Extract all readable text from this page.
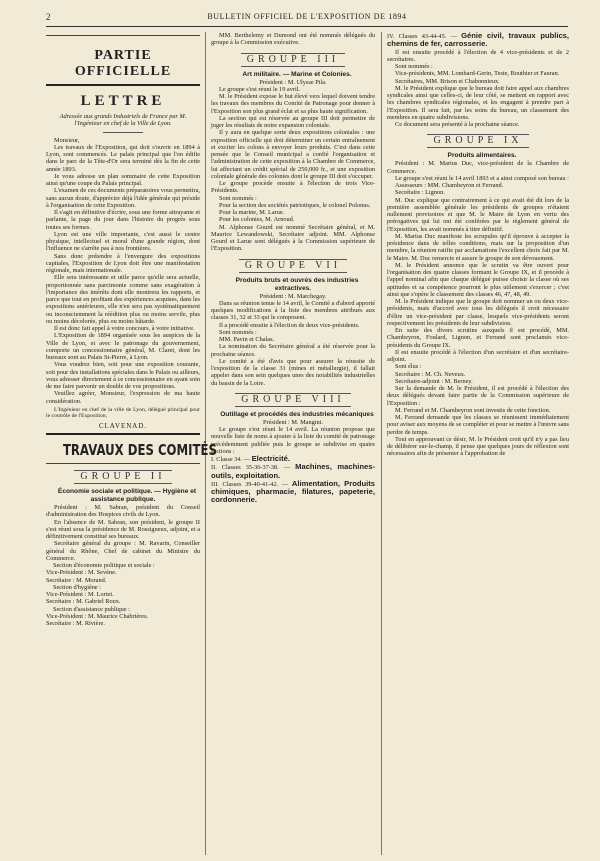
2	BULLETIN OFFICIEL DE L'EXPOSITION DE 1894
PARTIE OFFICIELLE
LETTRE

Adressée aux grands Industriels de France par M. l'Ingénieur en chef de la Ville de Lyon.

Monsieur,

Les travaux de l'Exposition, qui doit s'ouvrir en 1894 à Lyon, sont commencés. Le palais principal que l'on édifie dans le parc de la Tête-d'Or sera terminé dès la fin de cette année 1893.

Je vous adresse un plan sommaire de cette Exposition ainsi qu'une coupe du Palais principal.

L'examen de ces documents préparatoires vous permettra, sans aucun doute, d'apprécier déjà l'idée générale qui préside à l'organisation de cette Exposition.

Il s'agit en définitive d'écrire, sous une forme attrayante et parlante, la page du jour dans l'histoire du progrès sous toutes ses formes.

Lyon est une ville importante, c'est aussi le centre physique, intellectuel et moral d'une grande région, dont l'influence ne s'arrête pas à nos frontières.

Sans donc prétendre à l'envergure des expositions capitales, l'Exposition de Lyon doit être une manifestation régionale, mais internationale.

Elle sera intéressante et utile parce qu'elle sera actuelle, proportionnée sans parcimonie comme sans exagération à l'importance des intérêts dont elle montrera les rapports, et parce que tout en profitant des expériences acquises, dans les expositions antérieures, elle n'en sera pas systématiquement ou inconsciemment la réédition plus ou moins servile, plus ou moins décolorée, plus ou moins bâtarde.

Il est donc fait appel à votre concours, à votre initiative.

L'Exposition de 1894 organisée sous les auspices de la Ville de Lyon, et avec le patronage du gouvernement, comporte un concessionnaire général, M. Claret, dont les bureaux sont au Palais St-Pierre, à Lyon.

Vous voudrez bien, soit pour une exposition courante, soit pour des installations spéciales dans le Palais ou ailleurs, vous adresser directement à ce concessionnaire en ayant soin de me faire parvenir un double de vos propositions.

Veuillez agréer, Monsieur, l'expression de ma haute considération.

L'Ingénieur en chef de la ville de Lyon, délégué principal pour le contrôle de l'Exposition,

CLAVENAD.
TRAVAUX DES COMITÉS
GROUPE II

Économie sociale et politique. — Hygiène et assistance publique.

Président : M. Sabran, président du Conseil d'administration des Hospices civils de Lyon.

En l'absence de M. Sabran, son président, le groupe II s'est réuni sous la présidence de M. Rossigneux, adjoint, et a définitivement constitué ses bureaux.

Secrétaire général du groupe : M. Ravarin, Conseiller général du Rhône, Chef de cabinet du Ministre du Commerce.

Section d'économie politique et sociale :

Vice-Président : M. Sevène.

Secrétaire : M. Morand.

Section d'hygiène :

Vice-Président : M. Lortet.

Secrétaire : M. Gabriel Roux.

Section d'assistance publique :

Vice-Président : M. Maurice Chabrières.

Secrétaire : M. Rivière.

MM. Berthelemy et Dumond ont été nommés délégués du groupe à la Commission exécutive.

GROUPE III

Art militaire. — Marine et Colonies.

Président : M. Ulysse Pila.

Le groupe s'est réuni le 19 avril.

M. le Président expose le but élevé vers lequel doivent tendre les travaux des membres du Comité de Patronage pour donner à l'Exposition son plus grand éclat et sa plus haute signification.

La section qui est réservée au groupe III doit permettre de juger les résultats de notre expansion coloniale.

Il y aura en quelque sorte deux expositions coloniales : une exposition officielle qui doit déterminer un certain entraînement et exciter les colons à envoyer leurs produits. C'est dans cette pensée que le Conseil municipal a confié l'organisation et l'administration de cette exposition à la Chambre de Commerce, lui affectant un crédit spécial de 250,000 fr., et une exposition coloniale générale des colonies dont le groupe III doit s'occuper.

Le groupe procède ensuite à l'élection de trois Vice-Présidents.

Sont nommés :

Pour la section des sociétés patriotiques, le colonel Polonus.

Pour la marine, M. Larue.

Pour les colonies, M. Arnoud.

M. Alphonse Gourd est nommé Secrétaire général, et M. Maurice Lewandowski, Secrétaire adjoint. MM. Alphonse Gourd et Larue sont délégués à la Commission supérieure de l'Exposition.

GROUPE VII

Produits bruts et ouvrés des industries extractives.

Président : M. Marchegay.

Dans sa réunion tenue le 14 avril, le Comité a d'abord apporté quelques modifications à la liste des membres attribués aux classes 31, 32 et 33 qui le composent.

Il a procédé ensuite à l'élection de deux vice-présidents.

Sont nommés :

MM. Pavin et Chalas.

La nomination du Secrétaire général a été réservée pour la prochaine séance.

Le comité a été d'avis que pour assurer la réussite de l'exposition de la classe 31 (mines et métallurgie), il fallait appeler dans son sein quelques unes des notabilités industrielles du bassin de la Loire.

GROUPE VIII

Outillage et procédés des industries mécaniques

Président : M. Mangini.

Le groupe s'est réuni le 14 avril. La réunion propose que nouvelle liste de noms à ajouter à la liste du comité de patronage précédemment publiée puis le groupe se subdivise en quatre sections :

I. Classe 34. — Electricité.

II. Classes 35-36-37-38. — Machines, machines-outils, exploitation.

III. Classes 39-40-41-42. — Alimentation, Produits chimiques, pharmacie, filatures, papeterie, cordonnerie.

IV. Classes 43-44-45. — Génie civil, travaux publics, chemins de fer, carrosserie.

Il est ensuite procédé à l'élection de 4 vice-présidents et de 2 secrétaires.

Sont nommés :

Vice-présidents, MM. Lombard-Gerin, Teste, Bouthier et Fauran.

Secrétaires, MM. Brison et Chabonnieux.

M. le Président explique que le bureau doit faire appel aux chambres syndicales ainsi que celles-ci, de leur côté, se mettent en rapport avec les chambres syndicales régionales, et les engagent à prendre part à l'Exposition. Il sera fait, par les soins du bureau, un classement des membres en quatre subdivisions.

Ce document sera présenté à la prochaine séance.

GROUPE IX

Produits alimentaires.

Président : M. Marius Duc, vice-président de la Chambre de Commerce.

Le groupe s'est réuni le 14 avril 1893 et a ainsi composé son bureau :

Assesseurs : MM. Chambeyron et Ferrand.

Secrétaire : Lignon.

M. Duc explique que contrairement à ce qui avait été dit lors de la première assemblée générale les présidents de groupes n'étaient nullement provisoires et que M. le Maire de Lyon en vertu des prérogatives qui lui ont été conférées par le règlement général de l'Exposition, les avait nommés à titre définitif.

M. Marius Duc manifeste les scrupules qu'il éprouve à accepter la présidence dans de telles conditions, mais sur la proposition d'un membre, la réunion ratifie par acclamations l'excellent choix fait par M. le Maire. M. Duc remercie et assure le groupe de son dévouement.

M. le Président annonce que le scrutin va être ouvert pour l'organisation des quatre classes formant le Groupe IX, et il procède à l'appel nominal afin que chaque délégué puisse choisir la classe où ses aptitudes et sa compétence pourront le plus utilement s'exercer ; c'est ainsi que s'opère le classement des classes 46, 47, 48, 49.

M. le Président indique que le groupe doit nommer un ou deux vice-présidents, mais d'accord avec tous les délégués il croit nécessaire d'élire un vice-président par classe, lesquels vice-présidents seront respectivement les présidents de leur subdivision.

En suite des divers scrutins auxquels il est procédé, MM. Chambeyron, Foulard, Lignon, et Ferrand sont proclamés vice-présidents du Groupe IX.

Il est ensuite procédé à l'élection d'un secrétaire et d'un secrétaire-adjoint.

Sont élus :

Secrétaire : M. Ch. Neveux.

Secrétaire-adjoint : M. Berney.

Sur la demande de M. le Président, il est procédé à l'élection des deux délégués devant faire partie de la Commission supérieure de l'Exposition :

M. Ferrand et M. Chambeyron sont investis de cette fonction.

M. Ferrand demande que les classes se réunissent immédiatement pour aviser aux moyens de se compléter et pour se mettre à l'œuvre sans perdre de temps.

Tout en approuvant ce désir, M. le Président croit qu'il n'y a pas lieu de délibérer sur-le-champ, il pense que quelques jours de réflexion sont nécessaires afin de présenter à l'approbation de
